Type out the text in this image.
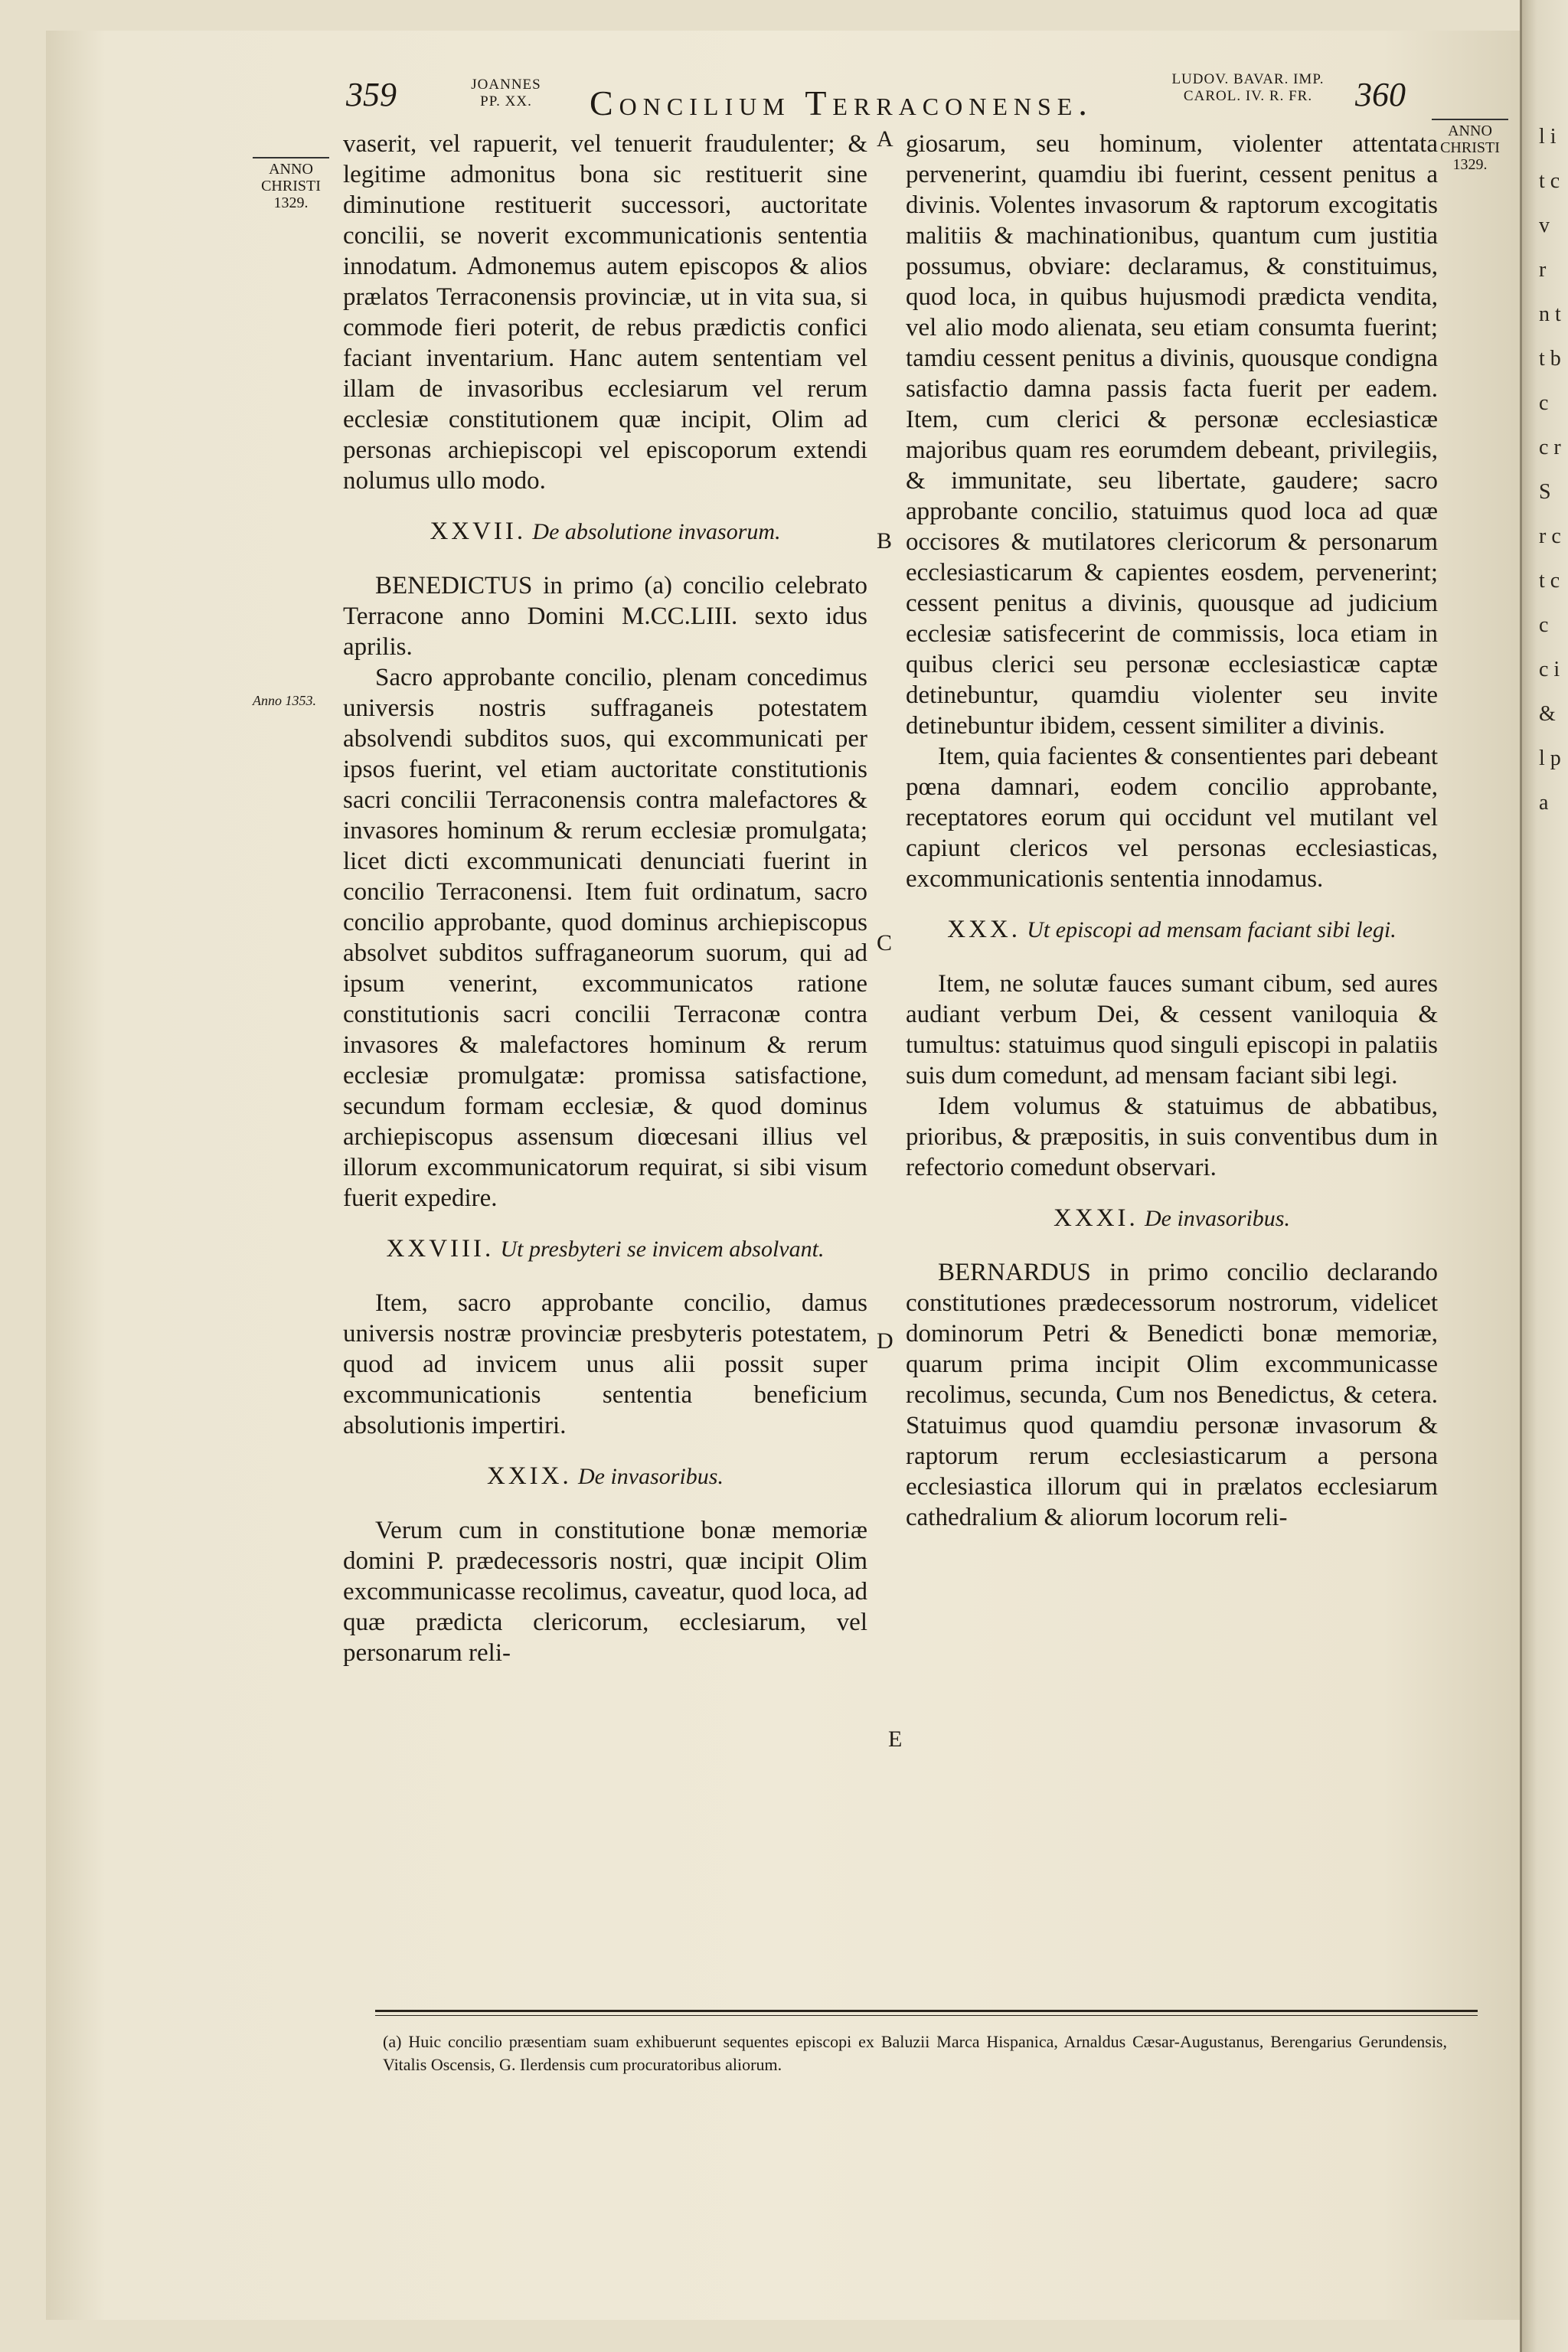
359	JOANNES
PP. XX.	Concilium Terraconense.
LUDOV. BAVAR. IMP.
CAROL. IV. R. FR.	360
ANNO
CHRISTI
1329.
ANNO
CHRISTI
1329.
Anno 1353.
A
B
C
D
E

vaserit, vel rapuerit, vel tenuerit fraudulenter; & legitime admonitus bona sic restituerit sine diminutione restituerit successori, auctoritate concilii, se noverit excommunicationis sententia innodatum. Admonemus autem episcopos & alios prælatos Terraconensis provinciæ, ut in vita sua, si commode fieri poterit, de rebus prædictis confici faciant inventarium. Hanc autem sententiam vel illam de invasoribus ecclesiarum vel rerum ecclesiæ constitutionem quæ incipit, Olim ad personas archiepiscopi vel episcoporum extendi nolumus ullo modo.

XXVII. De absolutione invasorum.

BENEDICTUS in primo (a) concilio celebrato Terracone anno Domini M.CC.LIII. sexto idus aprilis.

Sacro approbante concilio, plenam concedimus universis nostris suffraganeis potestatem absolvendi subditos suos, qui excommunicati per ipsos fuerint, vel etiam auctoritate constitutionis sacri concilii Terraconensis contra malefactores & invasores hominum & rerum ecclesiæ promulgata; licet dicti excommunicati denunciati fuerint in concilio Terraconensi. Item fuit ordinatum, sacro concilio approbante, quod dominus archiepiscopus absolvet subditos suffraganeorum suorum, qui ad ipsum venerint, excommunicatos ratione constitutionis sacri concilii Terraconæ contra invasores & malefactores hominum & rerum ecclesiæ promulgatæ: promissa satisfactione, secundum formam ecclesiæ, & quod dominus archiepiscopus assensum diœcesani illius vel illorum excommunicatorum requirat, si sibi visum fuerit expedire.

XXVIII. Ut presbyteri se invicem absolvant.

Item, sacro approbante concilio, damus universis nostræ provinciæ presbyteris potestatem, quod ad invicem unus alii possit super excommunicationis sententia beneficium absolutionis impertiri.

XXIX. De invasoribus.

Verum cum in constitutione bonæ memoriæ domini P. prædecessoris nostri, quæ incipit Olim excommunicasse recolimus, caveatur, quod loca, ad quæ prædicta clericorum, ecclesiarum, vel personarum reli-

giosarum, seu hominum, violenter attentata pervenerint, quamdiu ibi fuerint, cessent penitus a divinis. Volentes invasorum & raptorum excogitatis malitiis & machinationibus, quantum cum justitia possumus, obviare: declaramus, & constituimus, quod loca, in quibus hujusmodi prædicta vendita, vel alio modo alienata, seu etiam consumta fuerint; tamdiu cessent penitus a divinis, quousque condigna satisfactio damna passis facta fuerit per eadem. Item, cum clerici & personæ ecclesiasticæ majoribus quam res eorumdem debeant, privilegiis, & immunitate, seu libertate, gaudere; sacro approbante concilio, statuimus quod loca ad quæ occisores & mutilatores clericorum & personarum ecclesiasticarum & capientes eosdem, pervenerint; cessent penitus a divinis, quousque ad judicium ecclesiæ satisfecerint de commissis, loca etiam in quibus clerici seu personæ ecclesiasticæ captæ detinebuntur, quamdiu violenter seu invite detinebuntur ibidem, cessent similiter a divinis.

Item, quia facientes & consentientes pari debeant pœna damnari, eodem concilio approbante, receptatores eorum qui occidunt vel mutilant vel capiunt clericos vel personas ecclesiasticas, excommunicationis sententia innodamus.

XXX. Ut episcopi ad mensam faciant sibi legi.

Item, ne solutæ fauces sumant cibum, sed aures audiant verbum Dei, & cessent vaniloquia & tumultus: statuimus quod singuli episcopi in palatiis suis dum comedunt, ad mensam faciant sibi legi.

Idem volumus & statuimus de abbatibus, prioribus, & præpositis, in suis conventibus dum in refectorio comedunt observari.

XXXI. De invasoribus.

BERNARDUS in primo concilio declarando constitutiones prædecessorum nostrorum, videlicet dominorum Petri & Benedicti bonæ memoriæ, quarum prima incipit Olim excommunicasse recolimus, secunda, Cum nos Benedictus, & cetera. Statuimus quod quamdiu personæ invasorum & raptorum rerum ecclesiasticarum a persona ecclesiastica illorum qui in prælatos ecclesiarum cathedralium & aliorum locorum reli-

(a) Huic concilio præsentiam suam exhibuerunt sequentes episcopi ex Baluzii Marca Hispanica, Arnaldus Cæsar-Augustanus, Berengarius Gerundensis, Vitalis Oscensis, G. Ilerdensis cum procuratoribus aliorum.
l i t c v r n t t b c c r S r c t c c c i & l p a
